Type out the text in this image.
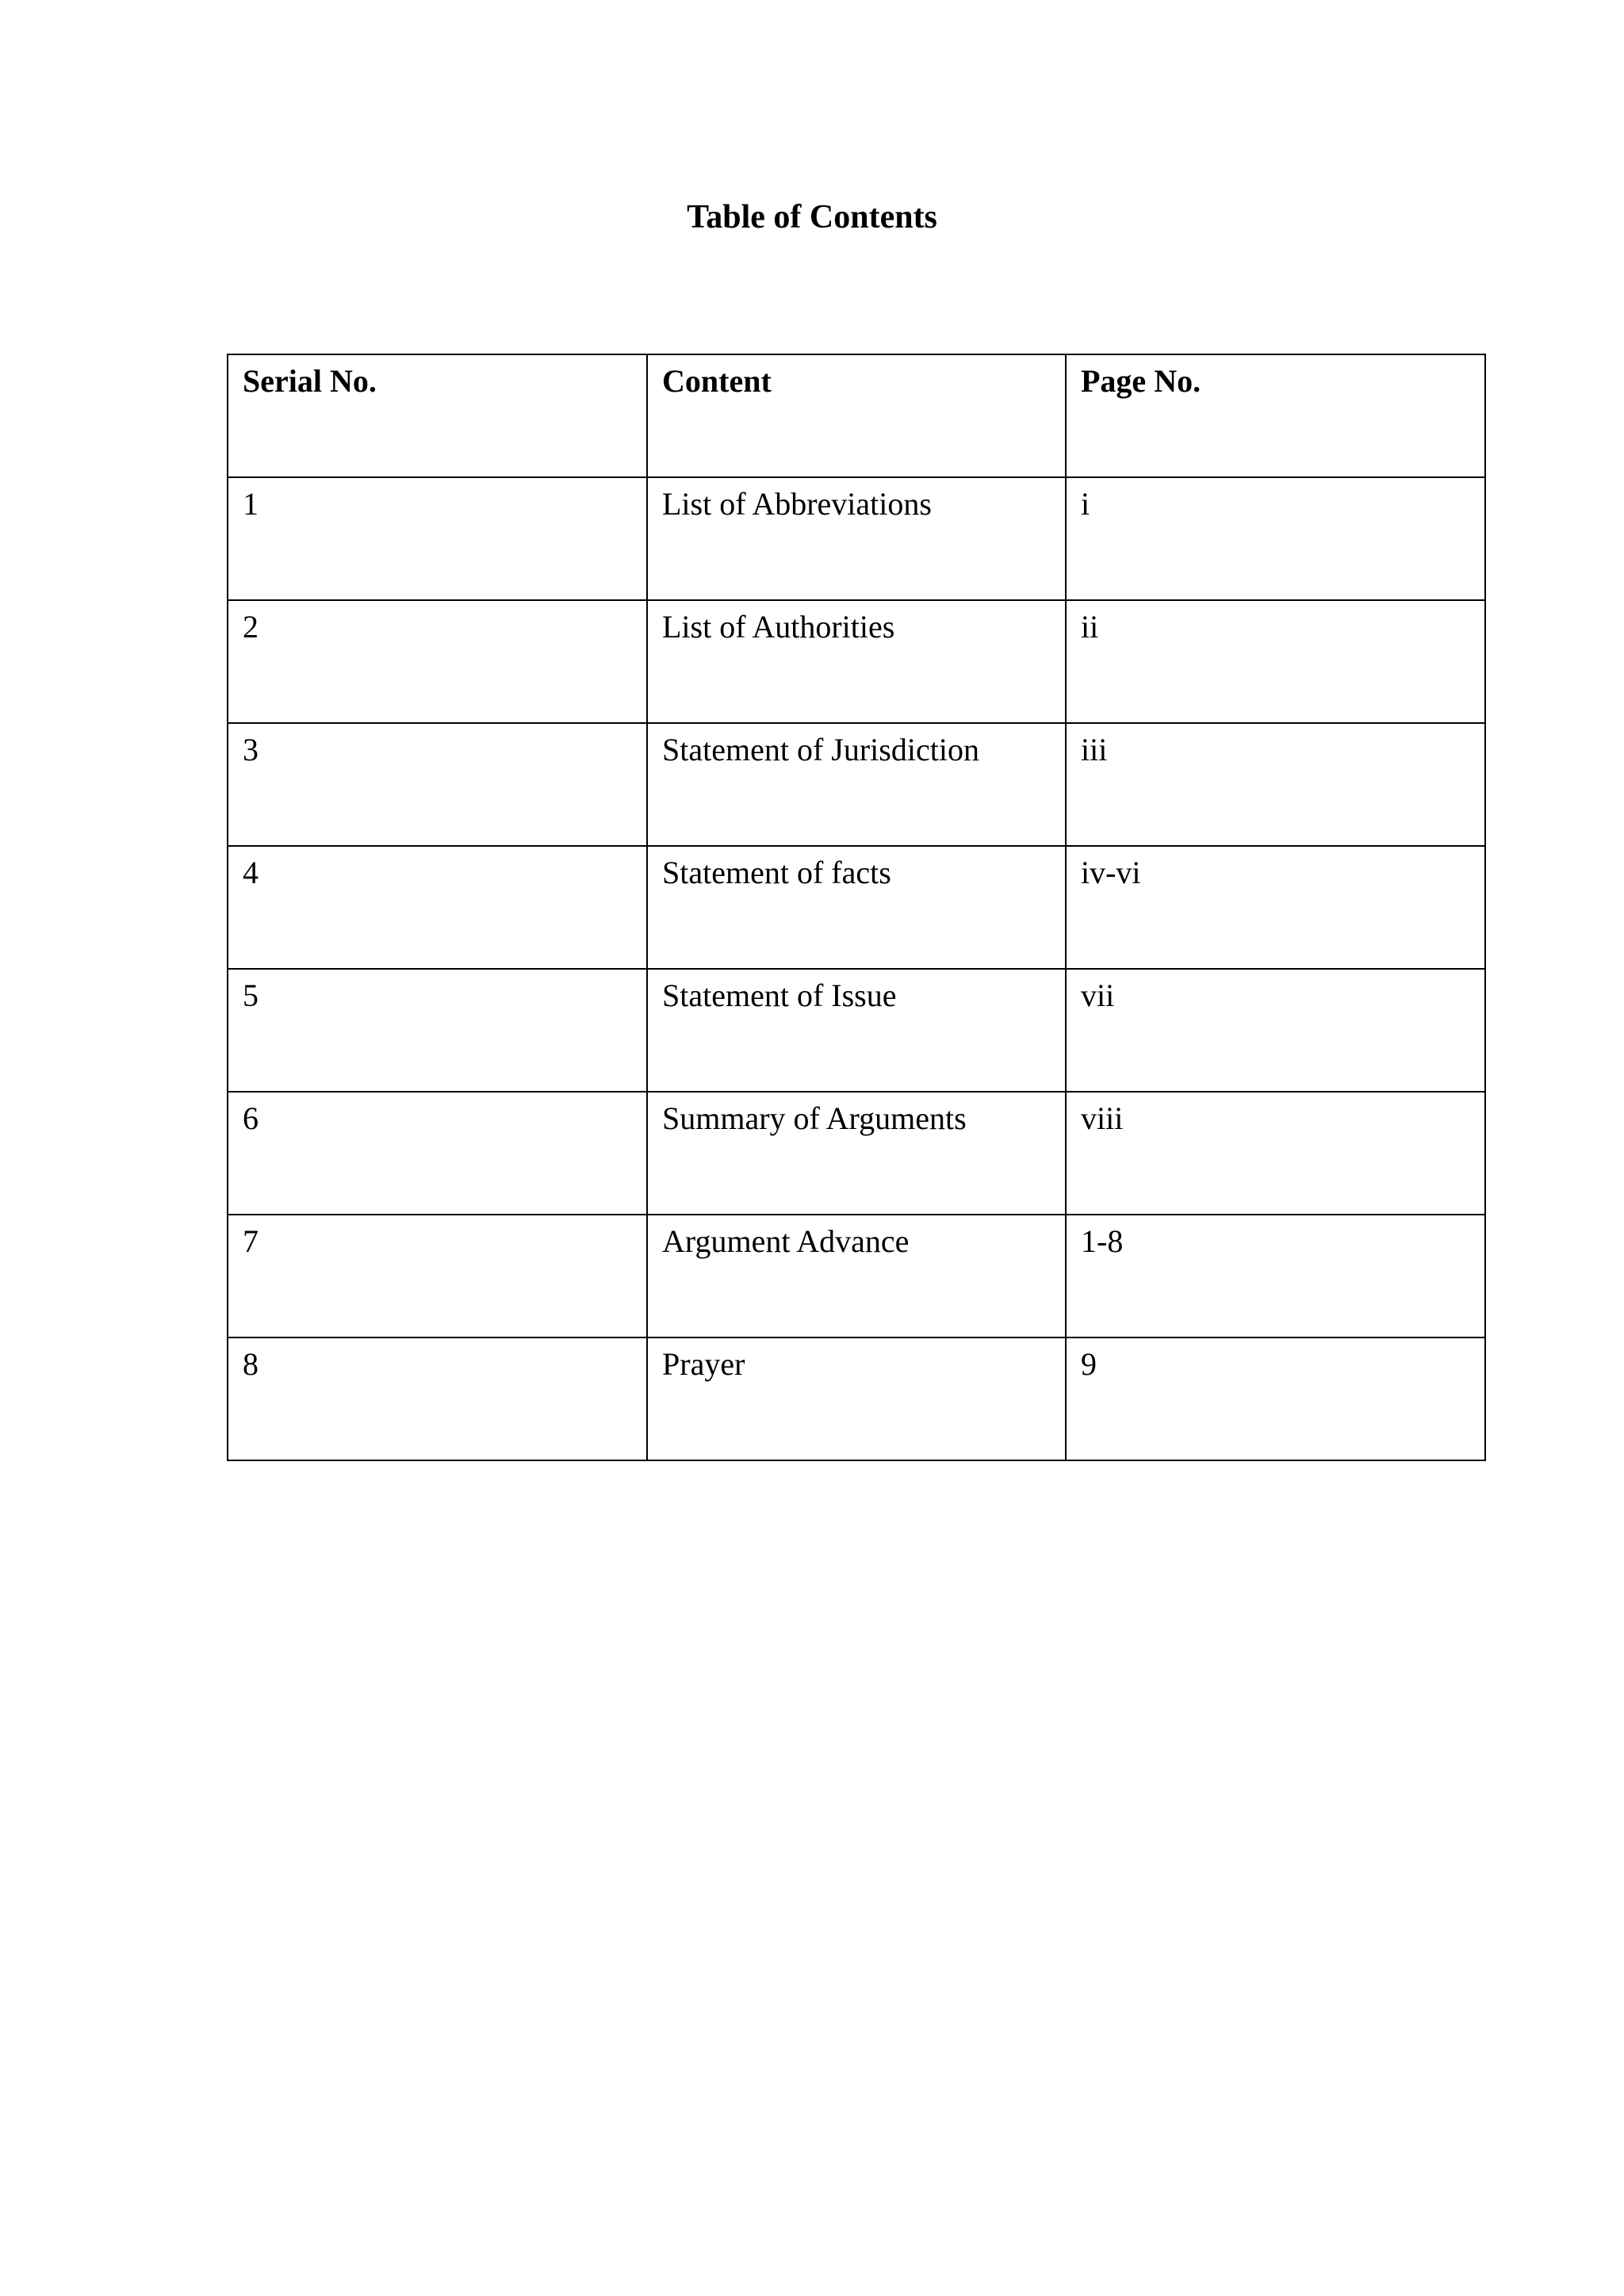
Table of Contents
Serial No.	Content	Page No.
1	List of Abbreviations	i
2	List of Authorities	ii
3	Statement of Jurisdiction	iii
4	Statement of facts	iv-vi
5	Statement of Issue	vii
6	Summary of Arguments	viii
7	Argument Advance	1-8
8	Prayer	9
